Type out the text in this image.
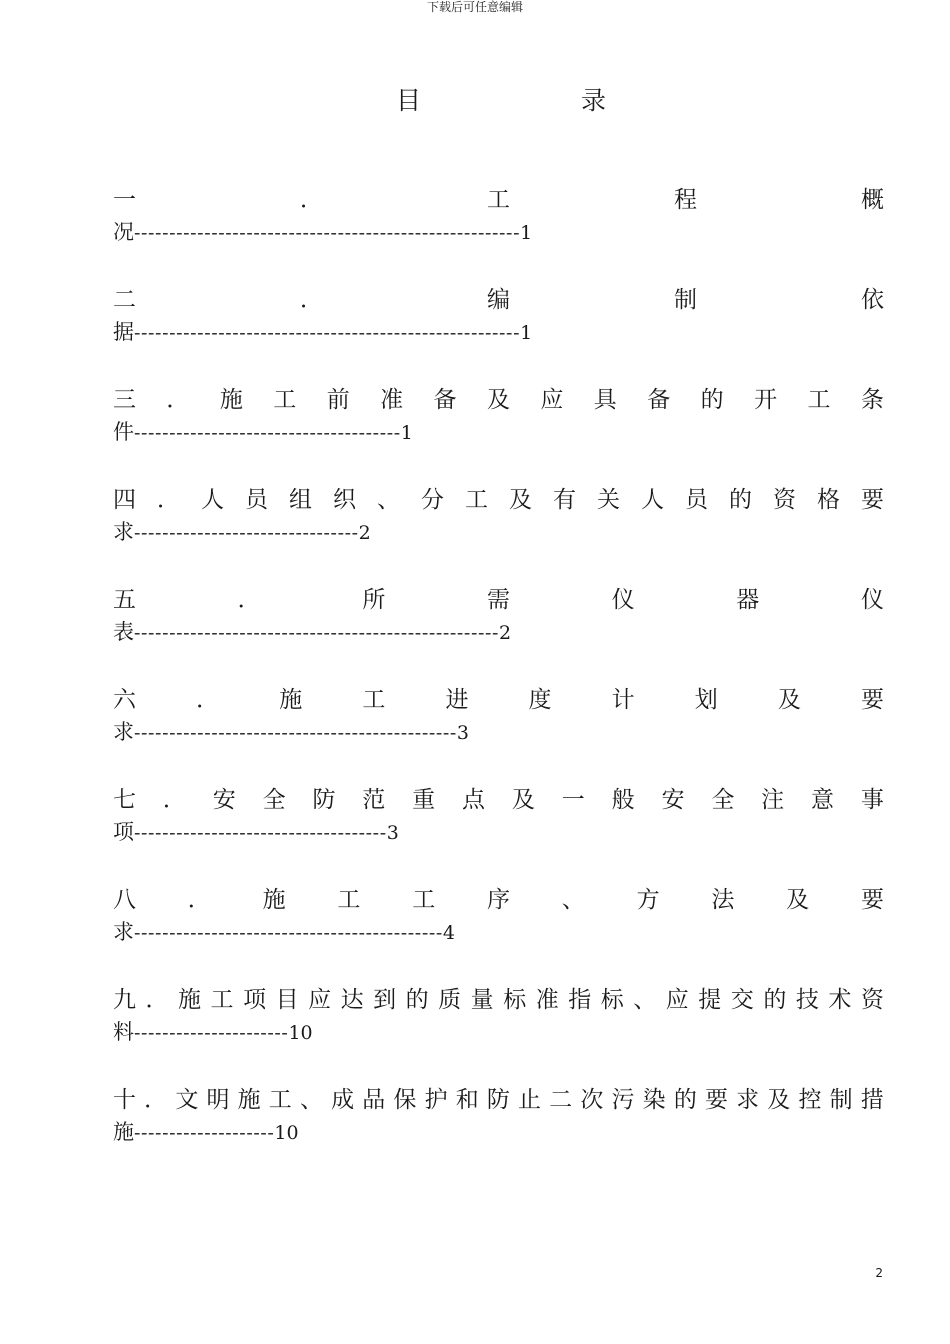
下载后可任意编辑
目	录
一	．	工	程	概
况-------------------------------------------------------1
二	．	编	制	依
据-------------------------------------------------------1
三 ． 施 工 前 准 备 及 应 具 备 的 开 工 条
件--------------------------------------1
四 ． 人 员 组 织 、 分 工 及 有 关 人 员 的 资 格 要
求--------------------------------2
五	．	所	需	仪	器	仪
表----------------------------------------------------2
六	．	施	工	进	度	计	划	及	要
求----------------------------------------------3
七 ． 安 全 防 范 重 点 及 一 般 安 全 注 意 事
项------------------------------------3
八 ． 施 工 工 序 、 方 法 及 要
求--------------------------------------------4
九 ． 施 工 项 目 应 达 到 的 质 量 标 准 指 标 、 应 提 交 的 技 术 资
料----------------------10
十 ． 文 明 施 工 、 成 品 保 护 和 防 止 二 次 污 染 的 要 求 及 控 制 措
施--------------------10
2
